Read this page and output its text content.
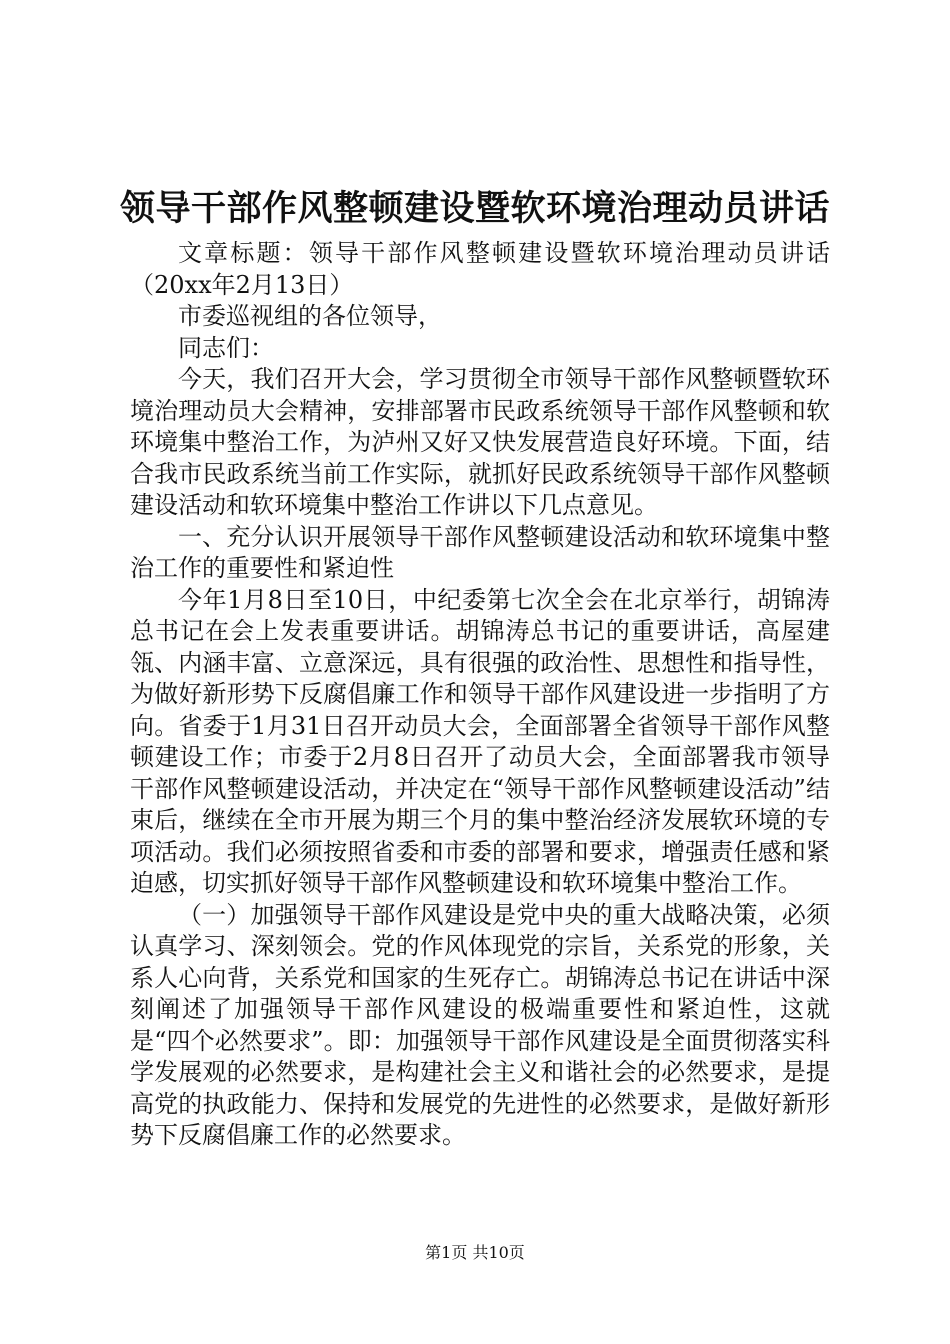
领导干部作风整顿建设暨软环境治理动员讲话

文章标题：领导干部作风整顿建设暨软环境治理动员讲话（20xx年2月13日）

市委巡视组的各位领导，

同志们：

今天，我们召开大会，学习贯彻全市领导干部作风整顿暨软环境治理动员大会精神，安排部署市民政系统领导干部作风整顿和软环境集中整治工作，为泸州又好又快发展营造良好环境。下面，结合我市民政系统当前工作实际，就抓好民政系统领导干部作风整顿建设活动和软环境集中整治工作讲以下几点意见。

一、充分认识开展领导干部作风整顿建设活动和软环境集中整治工作的重要性和紧迫性

今年1月8日至10日，中纪委第七次全会在北京举行，胡锦涛总书记在会上发表重要讲话。胡锦涛总书记的重要讲话，高屋建瓴、内涵丰富、立意深远，具有很强的政治性、思想性和指导性，为做好新形势下反腐倡廉工作和领导干部作风建设进一步指明了方向。省委于1月31日召开动员大会，全面部署全省领导干部作风整顿建设工作；市委于2月8日召开了动员大会，全面部署我市领导干部作风整顿建设活动，并决定在“领导干部作风整顿建设活动”结束后，继续在全市开展为期三个月的集中整治经济发展软环境的专项活动。我们必须按照省委和市委的部署和要求，增强责任感和紧迫感，切实抓好领导干部作风整顿建设和软环境集中整治工作。

（一）加强领导干部作风建设是党中央的重大战略决策，必须认真学习、深刻领会。党的作风体现党的宗旨，关系党的形象，关系人心向背，关系党和国家的生死存亡。胡锦涛总书记在讲话中深刻阐述了加强领导干部作风建设的极端重要性和紧迫性，这就是“四个必然要求”。即：加强领导干部作风建设是全面贯彻落实科学发展观的必然要求，是构建社会主义和谐社会的必然要求，是提高党的执政能力、保持和发展党的先进性的必然要求，是做好新形势下反腐倡廉工作的必然要求。

第1页 共10页
